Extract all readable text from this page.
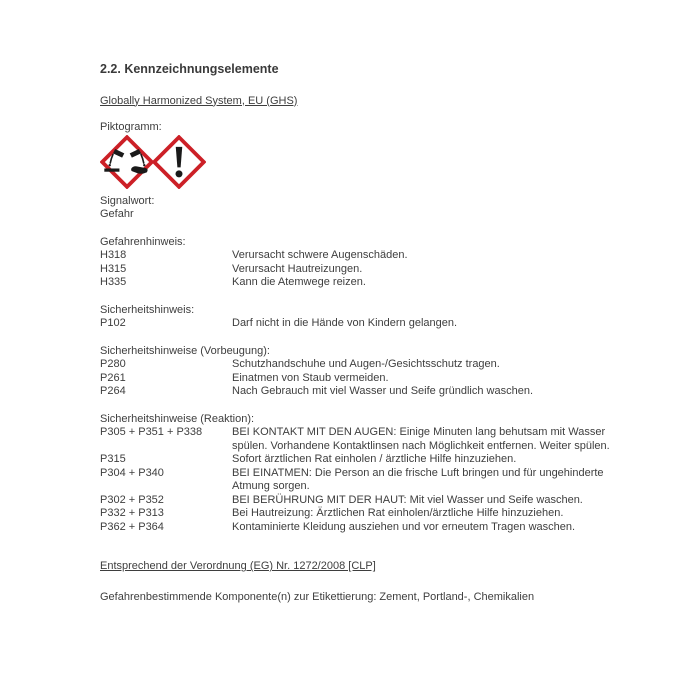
2.2. Kennzeichnungselemente
Globally Harmonized System, EU (GHS)
Piktogramm:
Signalwort:
Gefahr
Gefahrenhinweis:
H318	Verursacht schwere Augenschäden.
H315	Verursacht Hautreizungen.
H335	Kann die Atemwege reizen.
Sicherheitshinweis:
P102	Darf nicht in die Hände von Kindern gelangen.
Sicherheitshinweise (Vorbeugung):
P280	Schutzhandschuhe und Augen-/Gesichtsschutz tragen.
P261	Einatmen von Staub vermeiden.
P264	Nach Gebrauch mit viel Wasser und Seife gründlich waschen.
Sicherheitshinweise (Reaktion):
P305 + P351 + P338	BEI KONTAKT MIT DEN AUGEN: Einige Minuten lang behutsam mit Wasser spülen. Vorhandene Kontaktlinsen nach Möglichkeit entfernen. Weiter spülen.
P315	Sofort ärztlichen Rat einholen / ärztliche Hilfe hinzuziehen.
P304 + P340	BEI EINATMEN: Die Person an die frische Luft bringen und für ungehinderte Atmung sorgen.
P302 + P352	BEI BERÜHRUNG MIT DER HAUT: Mit viel Wasser und Seife waschen.
P332 + P313	Bei Hautreizung: Ärztlichen Rat einholen/ärztliche Hilfe hinzuziehen.
P362 + P364	Kontaminierte Kleidung ausziehen und vor erneutem Tragen waschen.
Entsprechend der Verordnung (EG) Nr. 1272/2008 [CLP]
Gefahrenbestimmende Komponente(n) zur Etikettierung: Zement, Portland-, Chemikalien
